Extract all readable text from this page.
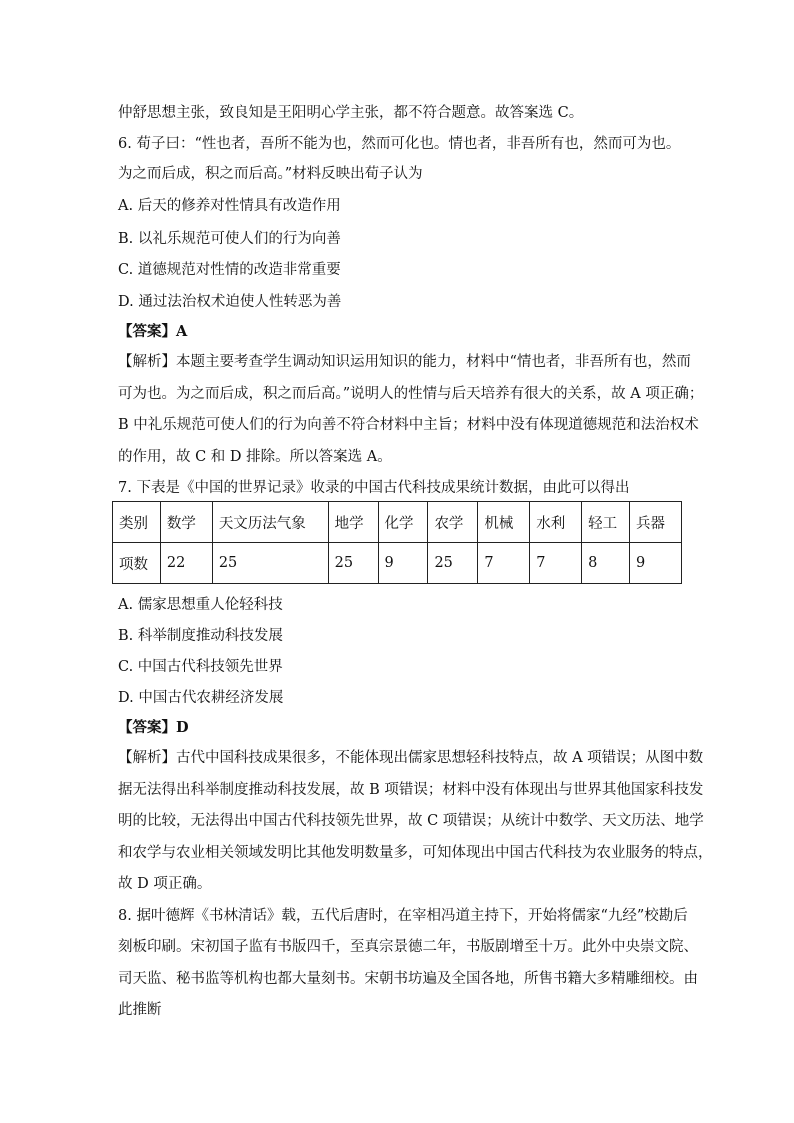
仲舒思想主张，致良知是王阳明心学主张，都不符合题意。故答案选 C。
6. 荀子曰：“性也者，吾所不能为也，然而可化也。情也者，非吾所有也，然而可为也。
为之而后成，积之而后高。”材料反映出荀子认为
A. 后天的修养对性情具有改造作用
B. 以礼乐规范可使人们的行为向善
C. 道德规范对性情的改造非常重要
D. 通过法治权术迫使人性转恶为善
【答案】A
【解析】本题主要考查学生调动知识运用知识的能力，材料中“情也者，非吾所有也，然而
可为也。为之而后成，积之而后高。”说明人的性情与后天培养有很大的关系，故 A 项正确；
B 中礼乐规范可使人们的行为向善不符合材料中主旨；材料中没有体现道德规范和法治权术
的作用，故 C 和 D 排除。所以答案选 A。
7. 下表是《中国的世界记录》收录的中国古代科技成果统计数据，由此可以得出
A. 儒家思想重人伦轻科技
B. 科举制度推动科技发展
C. 中国古代科技领先世界
D. 中国古代农耕经济发展
【答案】D
【解析】古代中国科技成果很多，不能体现出儒家思想轻科技特点，故 A 项错误；从图中数
据无法得出科举制度推动科技发展，故 B 项错误；材料中没有体现出与世界其他国家科技发
明的比较，无法得出中国古代科技领先世界，故 C 项错误；从统计中数学、天文历法、地学
和农学与农业相关领域发明比其他发明数量多，可知体现出中国古代科技为农业服务的特点，
故 D 项正确。
8. 据叶德辉《书林清话》载，五代后唐时，在宰相冯道主持下，开始将儒家“九经”校勘后
刻板印刷。宋初国子监有书版四千，至真宗景德二年，书版剧增至十万。此外中央崇文院、
司天监、秘书监等机构也都大量刻书。宋朝书坊遍及全国各地，所售书籍大多精雕细校。由
此推断
类别	数学	天文历法气象	地学	化学	农学	机械	水利	轻工	兵器
项数	22	25	25	9	25	7	7	8	9
